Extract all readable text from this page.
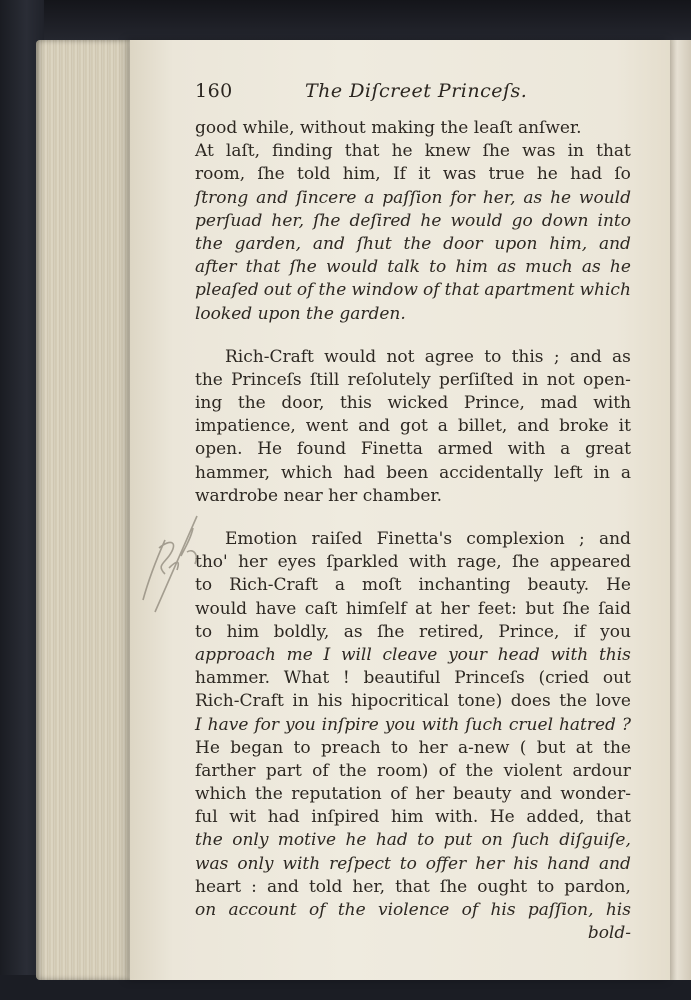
160	The Diſcreet Princeſs.
good while, without making the leaſt anſwer.
At laſt, finding that he knew ſhe was in that
room, ſhe told him, If it was true he had ſo
ſtrong and ſincere a paſſion for her, as he would
perſuad her, ſhe deſired he would go down into
the garden, and ſhut the door upon him, and
after that ſhe would talk to him as much as he
pleaſed out of the window of that apartment which
looked upon the garden.
Rich-Craft would not agree to this ; and as
the Princeſs ſtill reſolutely perſiſted in not open-
ing the door, this wicked Prince, mad with
impatience, went and got a billet, and broke it
open. He found Finetta armed with a great
hammer, which had been accidentally left in a
wardrobe near her chamber.
Emotion raiſed Finetta's complexion ; and
tho' her eyes ſparkled with rage, ſhe appeared
to Rich-Craft a moſt inchanting beauty. He
would have caſt himſelf at her feet: but ſhe ſaid
to him boldly, as ſhe retired, Prince, if you
approach me I will cleave your head with this
hammer. What ! beautiful Princeſs (cried out
Rich-Craft in his hipocritical tone) does the love
I have for you inſpire you with ſuch cruel hatred ?
He began to preach to her a-new ( but at the
farther part of the room) of the violent ardour
which the reputation of her beauty and wonder-
ful wit had inſpired him with. He added, that
the only motive he had to put on ſuch diſguiſe,
was only with reſpect to offer her his hand and
heart : and told her, that ſhe ought to pardon,
on account of the violence of his paſſion, his
bold-
